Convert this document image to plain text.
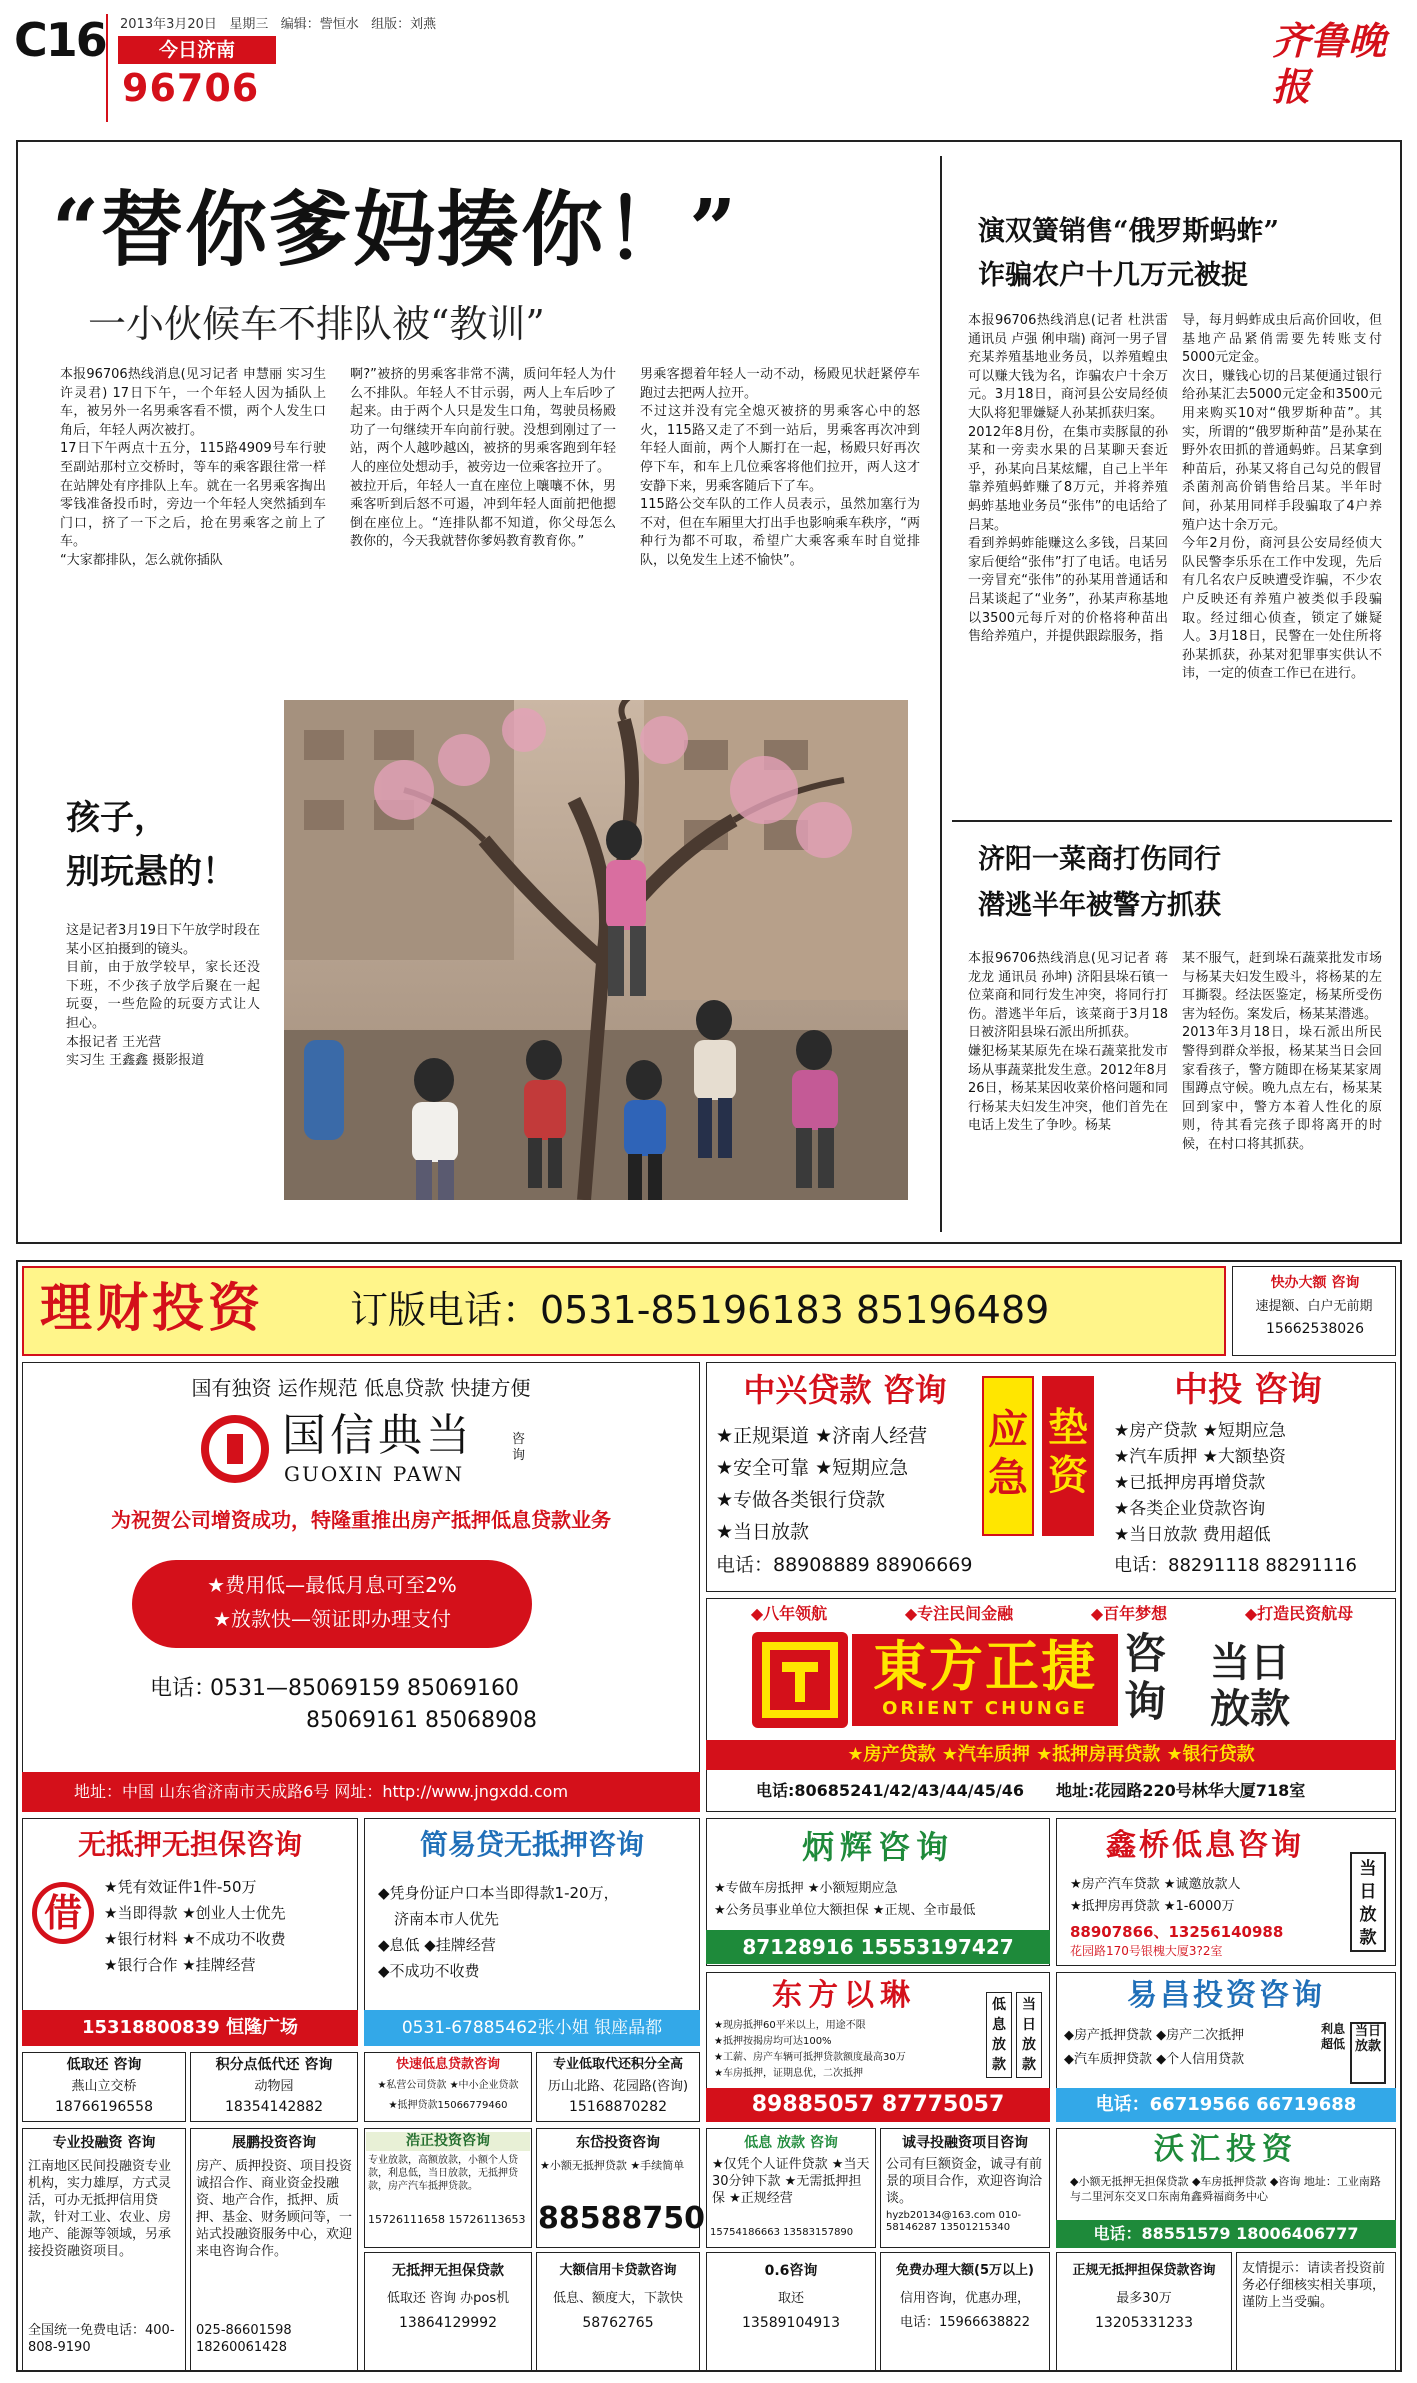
C16 2013年3月20日 星期三 编辑：訾恒水 组版：刘燕
今日济南
96706
齐鲁晚报
“替你爹妈揍你！”
一小伙候车不排队被“教训”
本报96706热线消息(见习记者 申慧丽 实习生 许灵君) 17日下午，一个年轻人因为插队上车，被另外一名男乘客看不惯，两个人发生口角后，年轻人两次被打。
17日下午两点十五分，115路4909号车行驶至副站那村立交桥时，等车的乘客跟往常一样在站牌处有序排队上车。就在一名男乘客掏出零钱准备投币时，旁边一个年轻人突然插到车门口，挤了一下之后，抢在男乘客之前上了车。
“大家都排队，怎么就你插队
啊?”被挤的男乘客非常不满，质问年轻人为什么不排队。年轻人不甘示弱，两人上车后吵了起来。由于两个人只是发生口角，驾驶员杨殿功了一句继续开车向前行驶。没想到刚过了一站，两个人越吵越凶，被挤的男乘客跑到年轻人的座位处想动手，被旁边一位乘客拉开了。
被拉开后，年轻人一直在座位上嚷嚷不休，男乘客听到后怒不可遏，冲到年轻人面前把他摁倒在座位上。“连排队都不知道，你父母怎么教你的，今天我就替你爹妈教育教育你。”
男乘客摁着年轻人一动不动，杨殿见状赶紧停车跑过去把两人拉开。
不过这并没有完全熄灭被挤的男乘客心中的怒火，115路又走了不到一站后，男乘客再次冲到年轻人面前，两个人厮打在一起，杨殿只好再次停下车，和车上几位乘客将他们拉开，两人这才安静下来，男乘客随后下了车。
115路公交车队的工作人员表示，虽然加塞行为不对，但在车厢里大打出手也影响乘车秩序，“两种行为都不可取，希望广大乘客乘车时自觉排队，以免发生上述不愉快”。
孩子，
别玩悬的！
这是记者3月19日下午放学时段在某小区拍摄到的镜头。
目前，由于放学较早，家长还没下班，不少孩子放学后聚在一起玩耍，一些危险的玩耍方式让人担心。
本报记者 王光营
实习生 王鑫鑫 摄影报道
演双簧销售“俄罗斯蚂蚱”
诈骗农户十几万元被捉
本报96706热线消息(记者 杜洪雷 通讯员 卢强 俐申瑞) 商河一男子冒充某养殖基地业务员，以养殖蝗虫可以赚大钱为名，诈骗农户十余万元。3月18日，商河县公安局经侦大队将犯罪嫌疑人孙某抓获归案。
2012年8月份，在集市卖豚鼠的孙某和一旁卖水果的吕某聊天套近乎，孙某向吕某炫耀，自己上半年靠养殖蚂蚱赚了8万元，并将养殖蚂蚱基地业务员“张伟”的电话给了吕某。
看到养蚂蚱能赚这么多钱，吕某回家后便给“张伟”打了电话。电话另一旁冒充“张伟”的孙某用普通话和吕某谈起了“业务”，孙某声称基地以3500元每斤对的价格将种苗出售给养殖户，并提供跟踪服务，指
导，每月蚂蚱成虫后高价回收，但基地产品紧俏需要先转账支付5000元定金。
次日，赚钱心切的吕某便通过银行给孙某汇去5000元定金和3500元用来购买10对“俄罗斯种苗”。其实，所谓的“俄罗斯种苗”是孙某在野外农田抓的普通蚂蚱。吕某拿到种苗后，孙某又将自己勾兑的假冒杀菌剂高价销售给吕某。半年时间，孙某用同样手段骗取了4户养殖户达十余万元。
今年2月份，商河县公安局经侦大队民警李乐乐在工作中发现，先后有几名农户反映遭受诈骗，不少农户反映还有养殖户被类似手段骗取。经过细心侦查，锁定了嫌疑人。3月18日，民警在一处住所将孙某抓获，孙某对犯罪事实供认不讳，一定的侦查工作已在进行。
济阳一菜商打伤同行
潜逃半年被警方抓获
本报96706热线消息(见习记者 蒋龙龙 通讯员 孙坤) 济阳县垛石镇一位菜商和同行发生冲突，将同行打伤。潜逃半年后，该菜商于3月18日被济阳县垛石派出所抓获。
嫌犯杨某某原先在垛石蔬菜批发市场从事蔬菜批发生意。2012年8月26日，杨某某因收菜价格问题和同行杨某夫妇发生冲突，他们首先在电话上发生了争吵。杨某
某不服气，赶到垛石蔬菜批发市场与杨某夫妇发生殴斗，将杨某的左耳撕裂。经法医鉴定，杨某所受伤害为轻伤。案发后，杨某某潜逃。
2013年3月18日，垛石派出所民警得到群众举报，杨某某当日会回家看孩子，警方随即在杨某某家周围蹲点守候。晚九点左右，杨某某回到家中，警方本着人性化的原则，待其看完孩子即将离开的时候，在村口将其抓获。
理财投资 订版电话：0531-85196183 85196489
快办大额 咨询
速提额、白户无前期
15662538026
国有独资 运作规范 低息贷款 快捷方便
国信典当
GUOXIN PAWN
咨询
为祝贺公司增资成功，特隆重推出房产抵押低息贷款业务
★费用低—最低月息可至2%
★放款快—领证即办理支付
电话：
0531—85069159 85069160
85069161 85068908
地址：中国 山东省济南市天成路6号 网址：http://www.jngxdd.com
中兴贷款 咨询
★正规渠道 ★济南人经营
★安全可靠 ★短期应急
★专做各类银行贷款
★当日放款
电话：88908889 88906669
应急
垫资
中投 咨询
★房产贷款 ★短期应急
★汽车质押 ★大额垫资
★已抵押房再增贷款
★各类企业贷款咨询
★当日放款 费用超低
电话：88291118 88291116
◆八年领航	◆专注民间金融	◆百年梦想	◆打造民资航母
東方正捷
ORIENT CHUNGE
咨询
当日放款
★房产贷款 ★汽车质押 ★抵押房再贷款 ★银行贷款
电话:80685241/42/43/44/45/46 地址:花园路220号林华大厦718室
无抵押无担保咨询
借
★凭有效证件1件-50万
★当即得款 ★创业人士优先
★银行材料 ★不成功不收费
★银行合作 ★挂牌经营
15318800839 恒隆广场
简易贷无抵押咨询
◆凭身份证户口本当即得款1-20万，
济南本市人优先
◆息低 ◆挂牌经营
◆不成功不收费
0531-67885462张小姐 银座晶都
炳辉咨询
★专做车房抵押 ★小额短期应急
★公务员事业单位大额担保 ★正规、全市最低
87128916 15553197427
鑫桥低息咨询
★房产汽车贷款 ★诚邀放款人
★抵押房再贷款 ★1-6000万
88907866、13256140988
花园路170号银槐大厦3?2室
当日放款
东方以琳
★现房抵押60平米以上，用途不限
★抵押按揭房均可达100%
★工薪、房产车辆可抵押贷款额度最高30万
★车房抵押，证期息优，二次抵押
低息放款
当日放款
89885057 87775057
易昌投资咨询
◆房产抵押贷款 ◆房产二次抵押
◆汽车质押贷款 ◆个人信用贷款
利息超低
当日放款
电话：66719566 66719688
低取还 咨询
燕山立交桥
18766196558
积分点低代还 咨询
动物园
18354142882
快速低息贷款咨询
★私营公司贷款 ★中小企业贷款
★抵押贷款15066779460
专业低取代还积分全高
历山北路、花园路(咨询)
15168870282
专业投融资 咨询
江南地区民间投融资专业机构，实力雄厚，方式灵活，可办无抵押信用贷款，针对工业、农业、房地产、能源等领域，另承接投资融资项目。
全国统一免费电话：400-808-9190
展鹏投资咨询
房产、质押投资、项目投资诚招合作、商业资金投融资、地产合作，抵押、质押、基金、财务顾问等，一站式投融资服务中心，欢迎来电咨询合作。
025-86601598 18260061428
浩正投资咨询
专业放款，高额放款，小额个人贷款，利息低，当日放款，无抵押贷款，房产汽车抵押贷款。
15726111658 15726113653
东岱投资咨询
★小额无抵押贷款 ★手续简单
88588750
低息 放款 咨询
★仅凭个人证件贷款 ★当天30分钟下款 ★无需抵押担保 ★正规经营
15754186663 13583157890
诚寻投融资项目咨询
公司有巨额资金，诚寻有前景的项目合作，欢迎咨询洽谈。
hyzb20134@163.com 010-58146287 13501215340
沃汇投资
◆小额无抵押无担保贷款 ◆车房抵押贷款 ◆咨询 地址：工业南路与二里河东交叉口东南角鑫舜福商务中心
电话：88551579 18006406777
无抵押无担保贷款
低取还 咨询 办pos机
13864129992
大额信用卡贷款咨询
低息、额度大，下款快
58762765
0.6咨询
取还
13589104913
免费办理大额(5万以上)
信用咨询，优惠办理，
电话：15966638822
正规无抵押担保贷款咨询
最多30万
13205331233
友情提示：请读者投资前务必仔细核实相关事项，谨防上当受骗。
